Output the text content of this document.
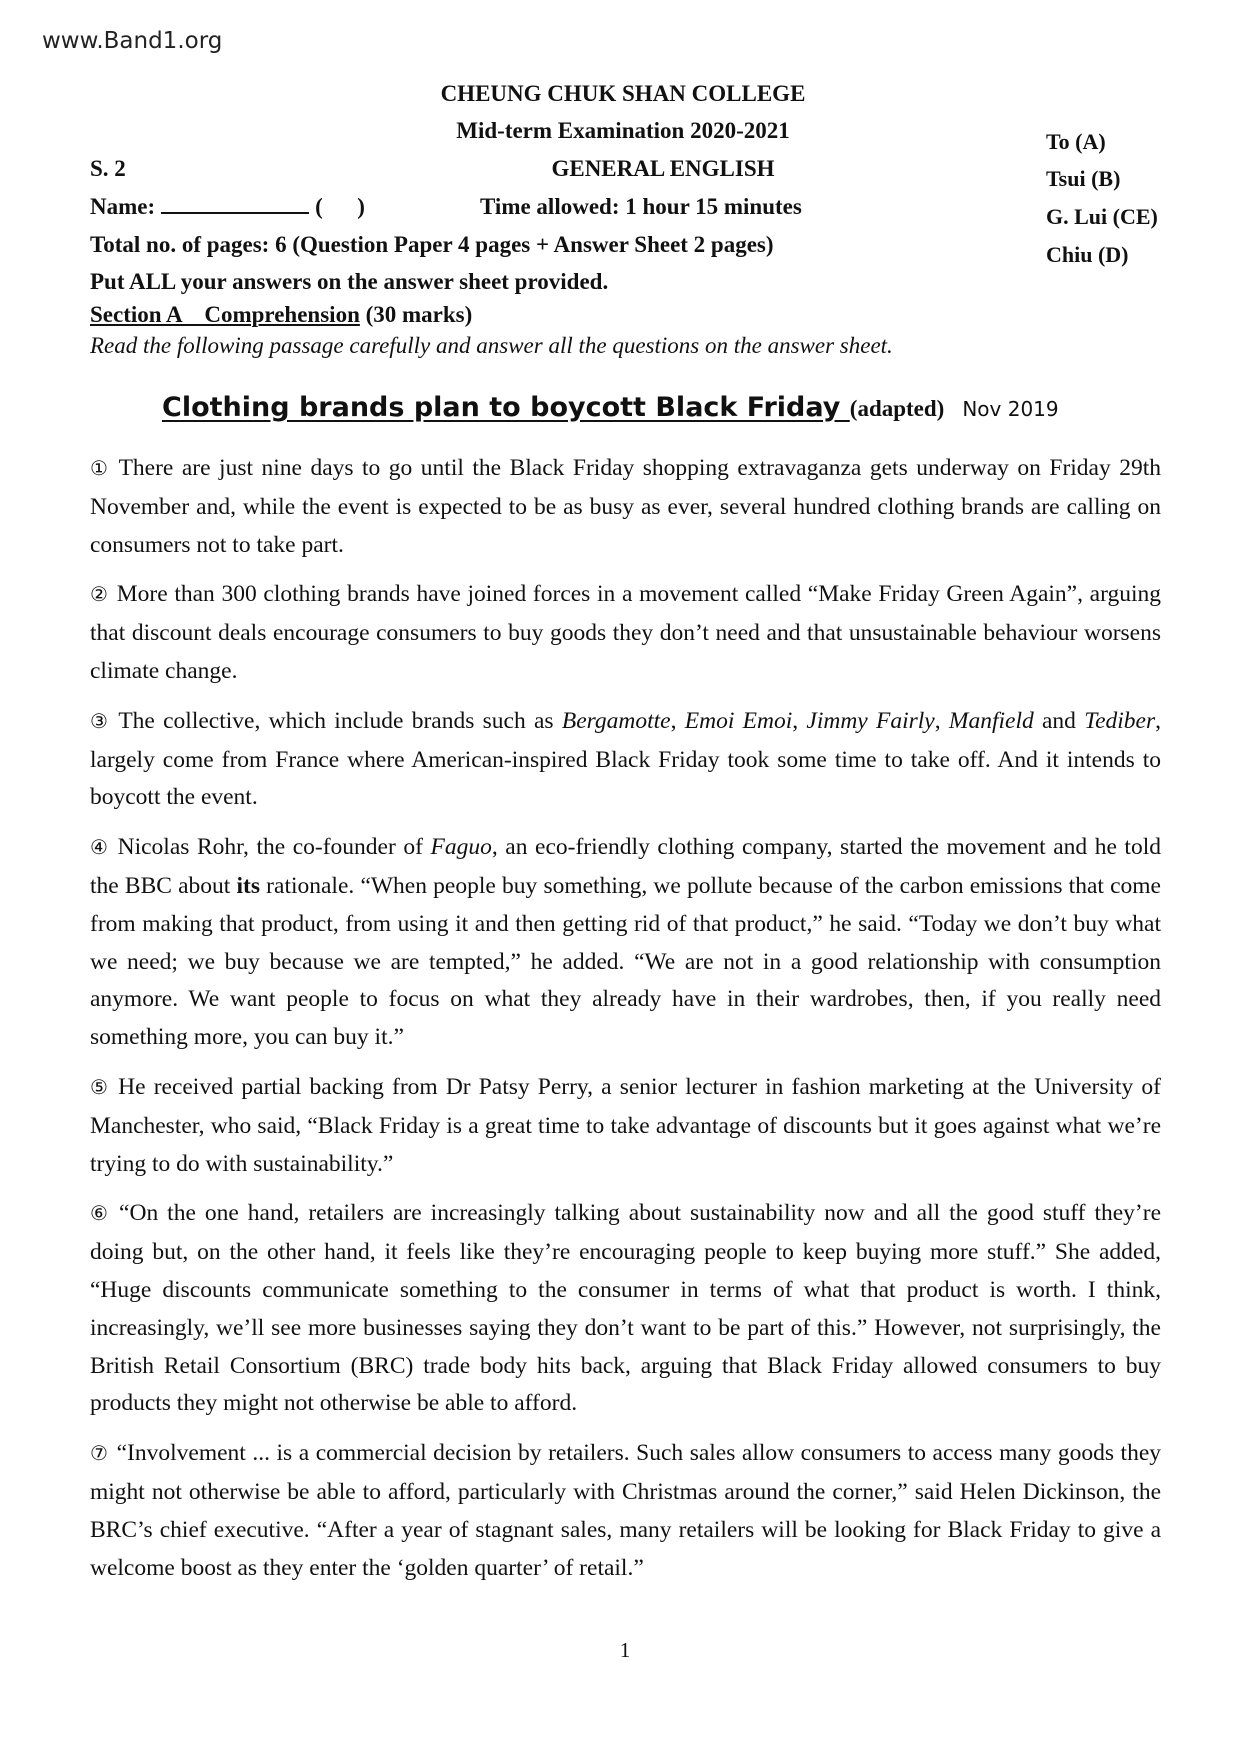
www.Band1.org
CHEUNG CHUK SHAN COLLEGE
Mid-term Examination 2020-2021
S. 2	GENERAL ENGLISH
Name:	(      )	Time allowed: 1 hour 15 minutes
Total no. of pages: 6 (Question Paper 4 pages + Answer Sheet 2 pages)
Put ALL your answers on the answer sheet provided.
Section A    Comprehension (30 marks)
Read the following passage carefully and answer all the questions on the answer sheet.
To (A)
Tsui (B)
G. Lui (CE)
Chiu (D)
Clothing brands plan to boycott Black Friday (adapted) Nov 2019

① There are just nine days to go until the Black Friday shopping extravaganza gets underway on Friday 29th November and, while the event is expected to be as busy as ever, several hundred clothing brands are calling on consumers not to take part.

② More than 300 clothing brands have joined forces in a movement called “Make Friday Green Again”, arguing that discount deals encourage consumers to buy goods they don’t need and that unsustainable behaviour worsens climate change.

③ The collective, which include brands such as Bergamotte, Emoi Emoi, Jimmy Fairly, Manfield and Tediber, largely come from France where American-inspired Black Friday took some time to take off. And it intends to boycott the event.

④ Nicolas Rohr, the co-founder of Faguo, an eco-friendly clothing company, started the movement and he told the BBC about its rationale. “When people buy something, we pollute because of the carbon emissions that come from making that product, from using it and then getting rid of that product,” he said. “Today we don’t buy what we need; we buy because we are tempted,” he added. “We are not in a good relationship with consumption anymore. We want people to focus on what they already have in their wardrobes, then, if you really need something more, you can buy it.”

⑤ He received partial backing from Dr Patsy Perry, a senior lecturer in fashion marketing at the University of Manchester, who said, “Black Friday is a great time to take advantage of discounts but it goes against what we’re trying to do with sustainability.”

⑥ “On the one hand, retailers are increasingly talking about sustainability now and all the good stuff they’re doing but, on the other hand, it feels like they’re encouraging people to keep buying more stuff.” She added, “Huge discounts communicate something to the consumer in terms of what that product is worth. I think, increasingly, we’ll see more businesses saying they don’t want to be part of this.” However, not surprisingly, the British Retail Consortium (BRC) trade body hits back, arguing that Black Friday allowed consumers to buy products they might not otherwise be able to afford.

⑦ “Involvement ... is a commercial decision by retailers. Such sales allow consumers to access many goods they might not otherwise be able to afford, particularly with Christmas around the corner,” said Helen Dickinson, the BRC’s chief executive. “After a year of stagnant sales, many retailers will be looking for Black Friday to give a welcome boost as they enter the ‘golden quarter’ of retail.”

1
